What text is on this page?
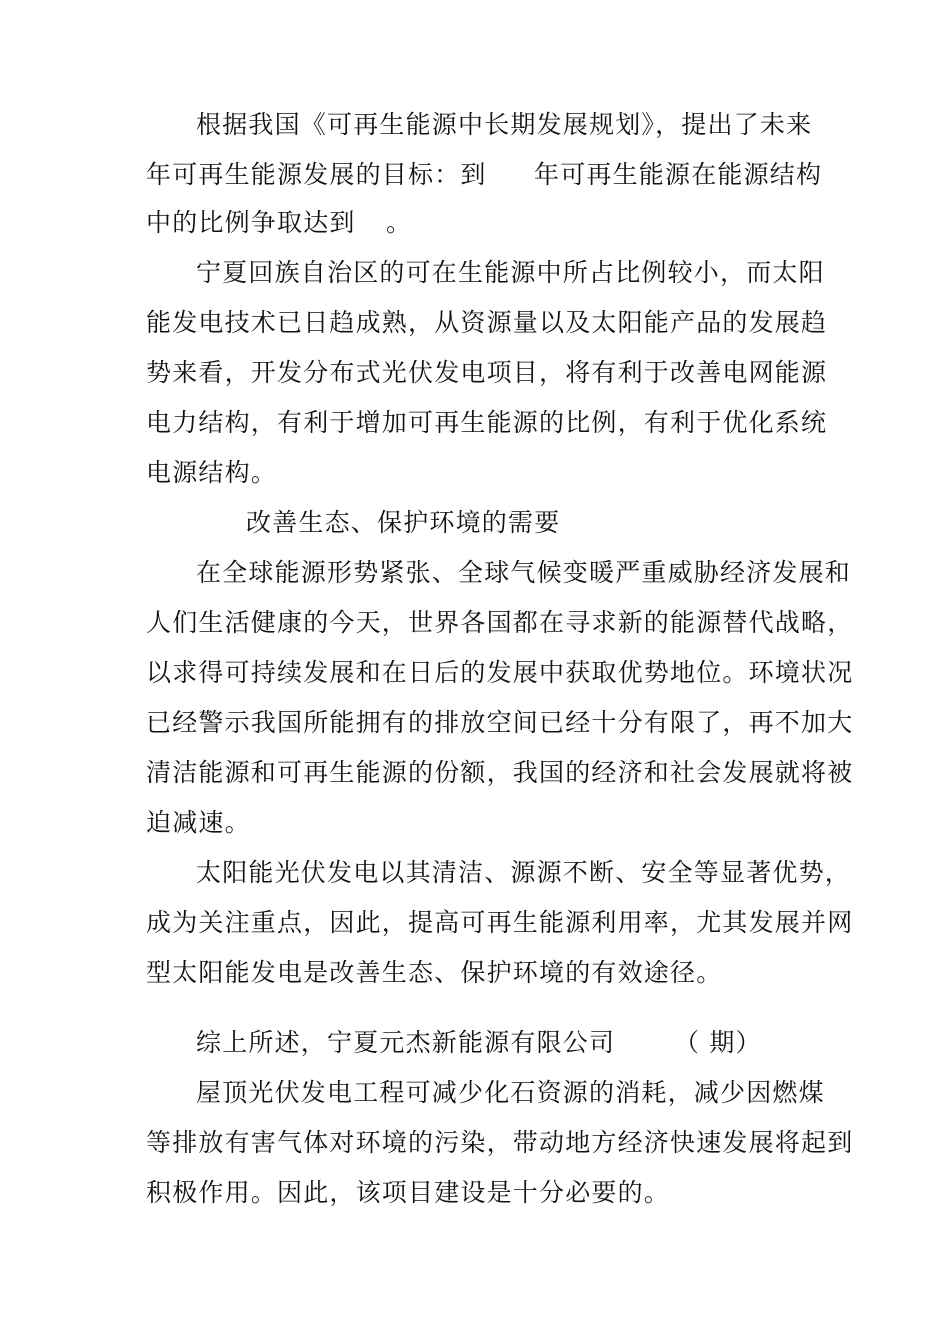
根据我国《可再生能源中长期发展规划》，提出了未来
年可再生能源发展的目标：到 年可再生能源在能源结构
中的比例争取达到 。
宁夏回族自治区的可在生能源中所占比例较小，而太阳
能发电技术已日趋成熟，从资源量以及太阳能产品的发展趋
势来看，开发分布式光伏发电项目，将有利于改善电网能源
电力结构，有利于增加可再生能源的比例，有利于优化系统
电源结构。
改善生态、保护环境的需要
在全球能源形势紧张、全球气候变暖严重威胁经济发展和
人们生活健康的今天，世界各国都在寻求新的能源替代战略，
以求得可持续发展和在日后的发展中获取优势地位。环境状况
已经警示我国所能拥有的排放空间已经十分有限了，再不加大
清洁能源和可再生能源的份额，我国的经济和社会发展就将被
迫减速。
太阳能光伏发电以其清洁、源源不断、安全等显著优势，
成为关注重点，因此，提高可再生能源利用率，尤其发展并网
型太阳能发电是改善生态、保护环境的有效途径。
综上所述，宁夏元杰新能源有限公司 （ 期）
屋顶光伏发电工程可减少化石资源的消耗，减少因燃煤
等排放有害气体对环境的污染，带动地方经济快速发展将起到
积极作用。因此，该项目建设是十分必要的。
